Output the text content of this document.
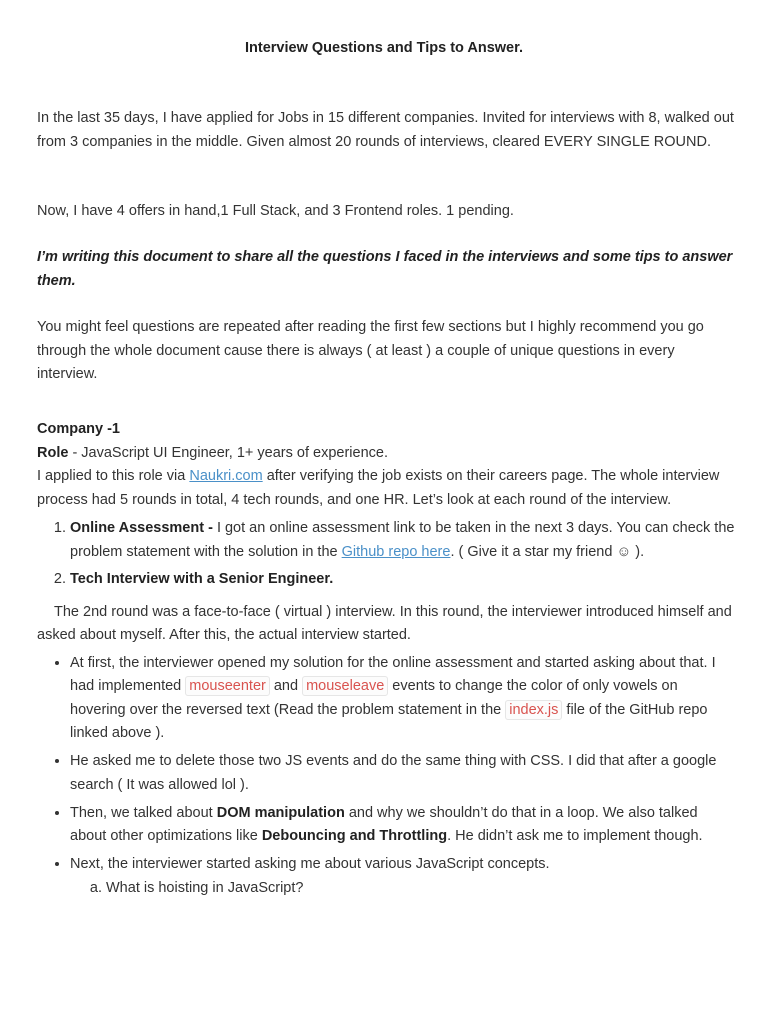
Interview Questions and Tips to Answer.

In the last 35 days, I have applied for Jobs in 15 different companies. Invited for interviews with 8, walked out from 3 companies in the middle. Given almost 20 rounds of interviews, cleared EVERY SINGLE ROUND.

Now, I have 4 offers in hand,1 Full Stack, and 3 Frontend roles. 1 pending.

I’m writing this document to share all the questions I faced in the interviews and some tips to answer them.

You might feel questions are repeated after reading the first few sections but I highly recommend you go through the whole document cause there is always ( at least ) a couple of unique questions in every interview.

Company -1

Role - JavaScript UI Engineer, 1+ years of experience.

I applied to this role via Naukri.com after verifying the job exists on their careers page. The whole interview process had 5 rounds in total, 4 tech rounds, and one HR. Let’s look at each round of the interview.

1. Online Assessment - I got an online assessment link to be taken in the next 3 days. You can check the problem statement with the solution in the Github repo here. ( Give it a star my friend ☺ ).
2. Tech Interview with a Senior Engineer.

The 2nd round was a face-to-face ( virtual ) interview. In this round, the interviewer introduced himself and asked about myself. After this, the actual interview started.

• At first, the interviewer opened my solution for the online assessment and started asking about that. I had implemented mouseenter and mouseleave events to change the color of only vowels on hovering over the reversed text (Read the problem statement in the index.js file of the GitHub repo linked above ).
• He asked me to delete those two JS events and do the same thing with CSS. I did that after a google search ( It was allowed lol ).
• Then, we talked about DOM manipulation and why we shouldn’t do that in a loop. We also talked about other optimizations like Debouncing and Throttling. He didn’t ask me to implement though.
• Next, the interviewer started asking me about various JavaScript concepts.
a. What is hoisting in JavaScript?
